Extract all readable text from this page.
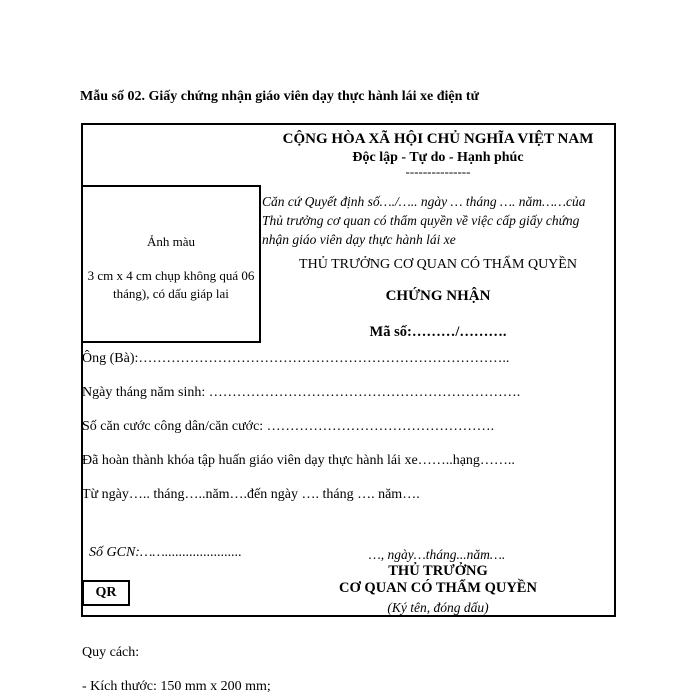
Mẫu số 02. Giấy chứng nhận giáo viên dạy thực hành lái xe điện tử
CỘNG HÒA XÃ HỘI CHỦ NGHĨA VIỆT NAM
Độc lập - Tự do - Hạnh phúc
---------------
Ảnh màu
3 cm x 4 cm chụp không quá 06 tháng), có dấu giáp lai
Căn cứ Quyết định số…./….. ngày … tháng …. năm……của
Thủ trưởng cơ quan có thẩm quyền về việc cấp giấy chứng
nhận giáo viên dạy thực hành lái xe
THỦ TRƯỞNG CƠ QUAN CÓ THẨM QUYỀN
CHỨNG NHẬN
Mã số:………/……….
Ông (Bà):……………………………………………………………………..
Ngày tháng năm sinh: ………………………………………………………….
Số căn cước công dân/căn cước: ………………………………………….
Đã hoàn thành khóa tập huấn giáo viên dạy thực hành lái xe……..hạng……..
Từ ngày….. tháng…..năm….đến ngày …. tháng …. năm….
Số GCN:……......................	…, ngày…tháng...năm….
THỦ TRƯỞNG
CƠ QUAN CÓ THẨM QUYỀN
(Ký tên, đóng dấu)
QR
Quy cách:
- Kích thước: 150 mm x 200 mm;
